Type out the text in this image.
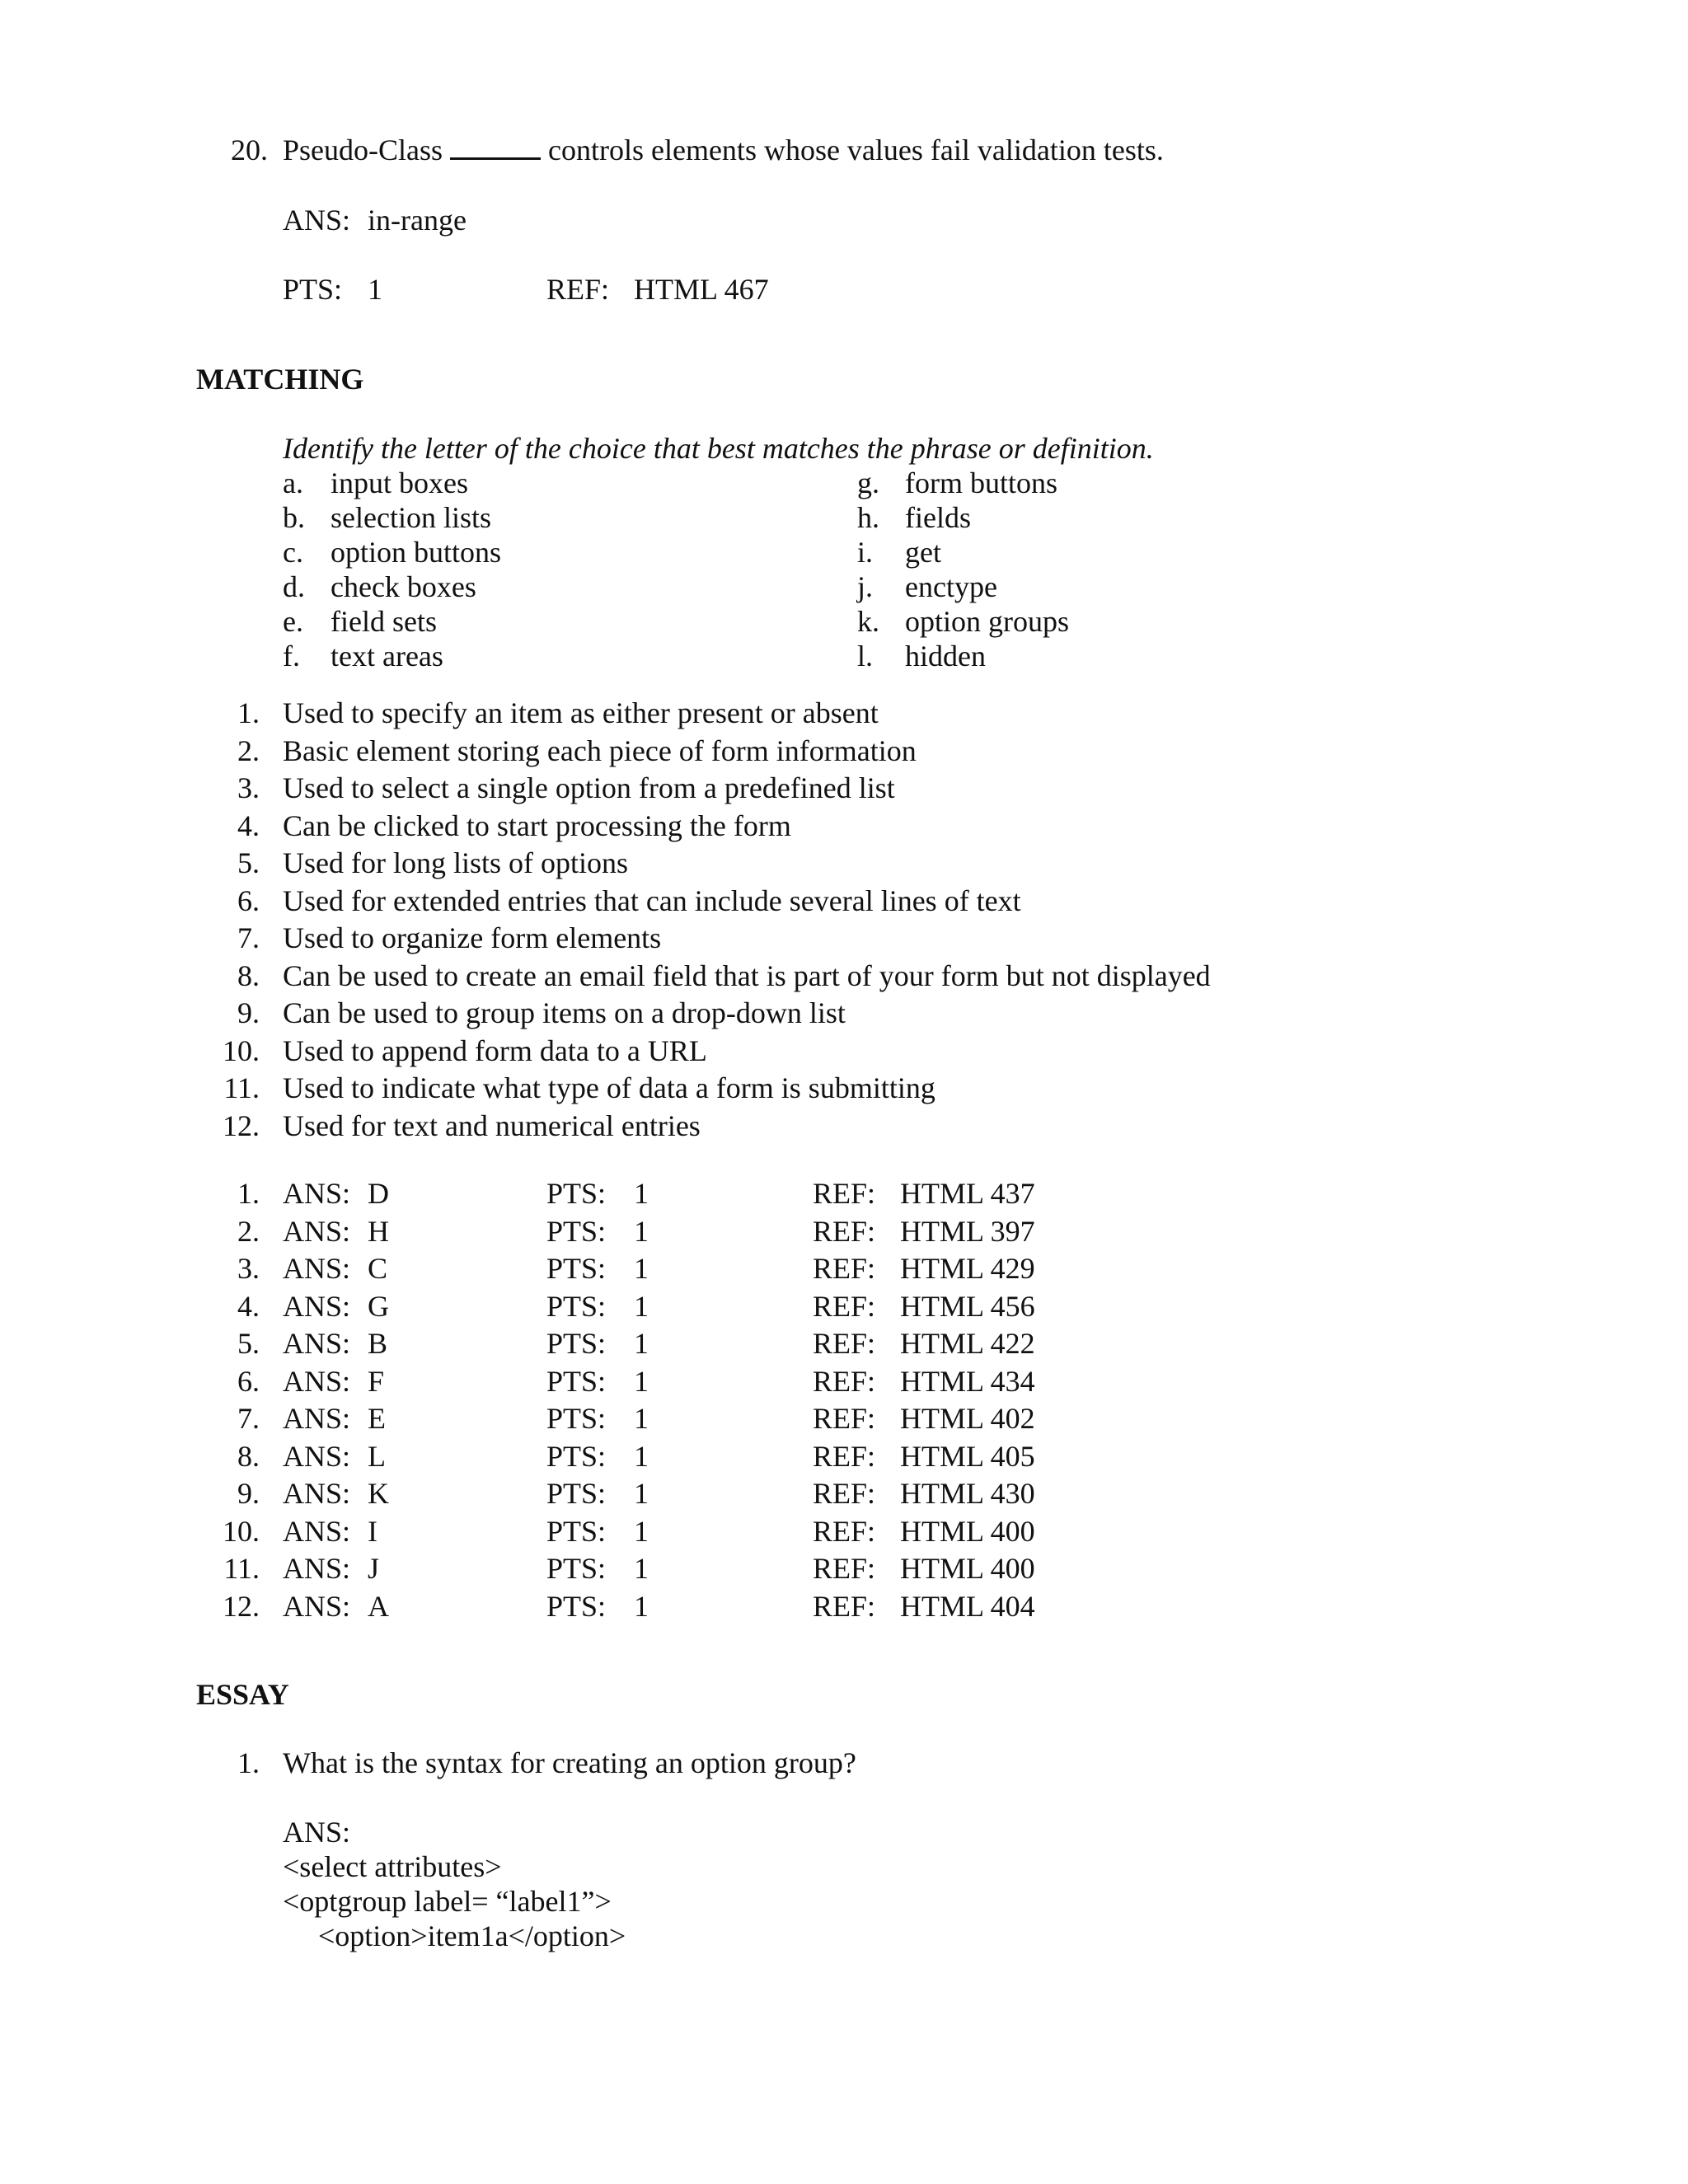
20. Pseudo-Class	controls elements whose values fail validation tests.
ANS: in-range
PTS: 1	REF: HTML 467
MATCHING
Identify the letter of the choice that best matches the phrase or definition.
a. input boxes
b. selection lists
c. option buttons
d. check boxes
e. field sets
f. text areas
g. form buttons
h. fields
i. get
j. enctype
k. option groups
l. hidden
1. Used to specify an item as either present or absent
2. Basic element storing each piece of form information
3. Used to select a single option from a predefined list
4. Can be clicked to start processing the form
5. Used for long lists of options
6. Used for extended entries that can include several lines of text
7. Used to organize form elements
8. Can be used to create an email field that is part of your form but not displayed
9. Can be used to group items on a drop-down list
10. Used to append form data to a URL
11. Used to indicate what type of data a form is submitting
12. Used for text and numerical entries
1. ANS: D	PTS: 1	REF: HTML 437
2. ANS: H	PTS: 1	REF: HTML 397
3. ANS: C	PTS: 1	REF: HTML 429
4. ANS: G	PTS: 1	REF: HTML 456
5. ANS: B	PTS: 1	REF: HTML 422
6. ANS: F	PTS: 1	REF: HTML 434
7. ANS: E	PTS: 1	REF: HTML 402
8. ANS: L	PTS: 1	REF: HTML 405
9. ANS: K	PTS: 1	REF: HTML 430
10. ANS: I	PTS: 1	REF: HTML 400
11. ANS: J	PTS: 1	REF: HTML 400
12. ANS: A	PTS: 1	REF: HTML 404
ESSAY
1. What is the syntax for creating an option group?
ANS:
<select attributes>
<optgroup label= “label1”>
<option>item1a</option>
